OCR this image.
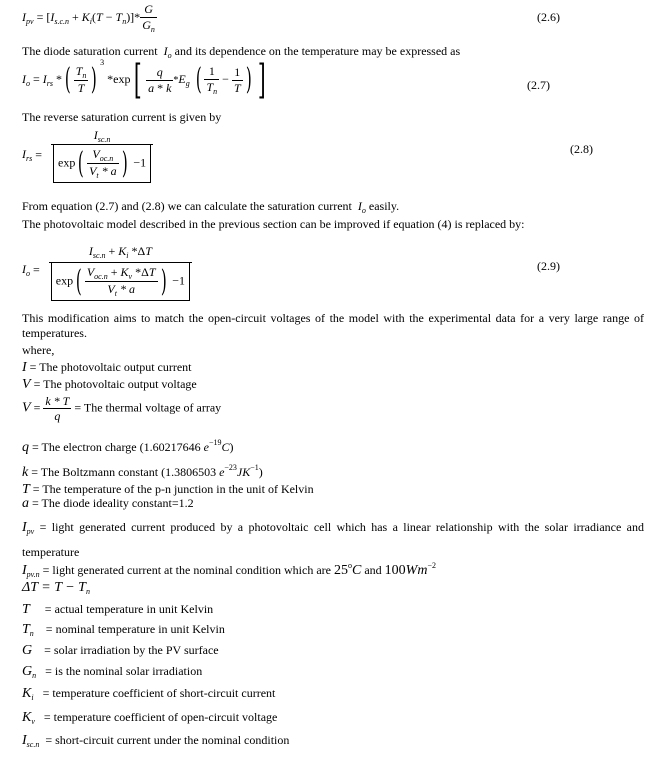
$I_{pv} = [I_{s.c.n} + K_i(T - T_n)]* \frac{G}{G_n}$	(2.6)
The diode saturation current  $I_o$ and its dependence on the temperature may be expressed as
$I_o = I_{rs}$ *( $\frac{T_n}{T}$ ) $^3$ $*\exp[ \frac{q}{a * k} *E_g$ ( $\frac{1}{T_n} - \frac{1}{T}$ ) ]	(2.7)
The reverse saturation current is given by
$I_{rs} = \frac{I_{sc.n}}{\exp( \frac{V_{oc.n}}{V_t * a} ) -1}$	(2.8)
From equation (2.7) and (2.8) we can calculate the saturation current  $I_o$ easily.
The photovoltaic model described in the previous section can be improved if equation (4) is replaced by:
$I_o = \frac{I_{sc.n} + K_i *\Delta T}{\exp( \frac{V_{oc.n} + K_v *\Delta T}{V_t * a} ) -1}$	(2.9)
This modification aims to match the open-circuit voltages of the model with the experimental data for a very large range of temperatures.
where,
I = The photovoltaic output current
V = The photovoltaic output voltage
$V = \frac{k * T}{q}$ = The thermal voltage of array
q = The electron charge (1.60217646 $e^{-19}C$)
k = The Boltzmann constant (1.3806503 $e^{-23}JK^{-1}$)
T = The temperature of the p-n junction in the unit of Kelvin
a = The diode ideality constant=1.2
$I_{pv}$ = light generated current produced by a photovoltaic cell which has a linear relationship with the solar irradiance and temperature
$I_{pv.n}$ = light generated current at the nominal condition which are 25$^o$C and $100Wm^{-2}$
$\Delta T = T - T_n$
T = actual temperature in unit Kelvin
$T_n$ = nominal temperature in unit Kelvin
G = solar irradiation by the PV surface
$G_n$ = is the nominal solar irradiation
$K_i$ = temperature coefficient of short-circuit current
$K_v$ = temperature coefficient of open-circuit voltage
$I_{sc.n}$ = short-circuit current under the nominal condition
